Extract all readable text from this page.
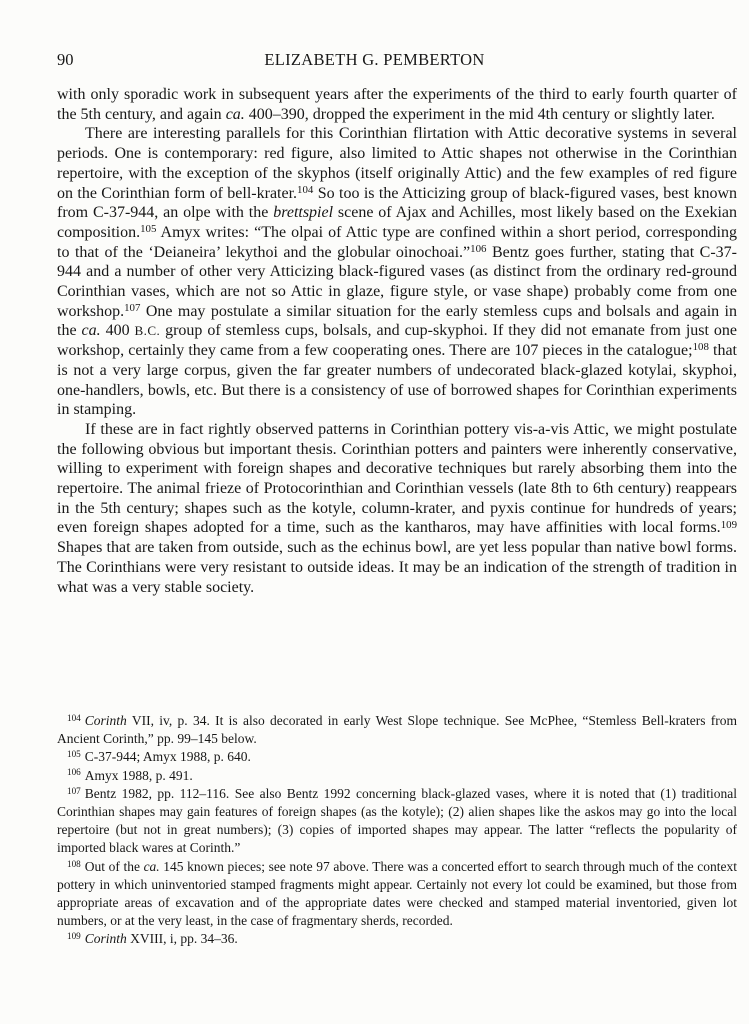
90	ELIZABETH G. PEMBERTON

with only sporadic work in subsequent years after the experiments of the third to early fourth quarter of the 5th century, and again ca. 400–390, dropped the experiment in the mid 4th century or slightly later.

There are interesting parallels for this Corinthian flirtation with Attic decorative systems in several periods. One is contemporary: red figure, also limited to Attic shapes not otherwise in the Corinthian repertoire, with the exception of the skyphos (itself originally Attic) and the few examples of red figure on the Corinthian form of bell-krater.$^{104}$ So too is the Atticizing group of black-figured vases, best known from C-37-944, an olpe with the brettspiel scene of Ajax and Achilles, most likely based on the Exekian composition.$^{105}$ Amyx writes: “The olpai of Attic type are confined within a short period, corresponding to that of the ‘Deianeira’ lekythoi and the globular oinochoai.”$^{106}$ Bentz goes further, stating that C-37-944 and a number of other very Atticizing black-figured vases (as distinct from the ordinary red-ground Corinthian vases, which are not so Attic in glaze, figure style, or vase shape) probably come from one workshop.$^{107}$ One may postulate a similar situation for the early stemless cups and bolsals and again in the ca. 400 B.C. group of stemless cups, bolsals, and cup-skyphoi. If they did not emanate from just one workshop, certainly they came from a few cooperating ones. There are 107 pieces in the catalogue;$^{108}$ that is not a very large corpus, given the far greater numbers of undecorated black-glazed kotylai, skyphoi, one-handlers, bowls, etc. But there is a consistency of use of borrowed shapes for Corinthian experiments in stamping.

If these are in fact rightly observed patterns in Corinthian pottery vis-a-vis Attic, we might postulate the following obvious but important thesis. Corinthian potters and painters were inherently conservative, willing to experiment with foreign shapes and decorative techniques but rarely absorbing them into the repertoire. The animal frieze of Protocorinthian and Corinthian vessels (late 8th to 6th century) reappears in the 5th century; shapes such as the kotyle, column-krater, and pyxis continue for hundreds of years; even foreign shapes adopted for a time, such as the kantharos, may have affinities with local forms.$^{109}$ Shapes that are taken from outside, such as the echinus bowl, are yet less popular than native bowl forms. The Corinthians were very resistant to outside ideas. It may be an indication of the strength of tradition in what was a very stable society.

$^{104}$ Corinth VII, iv, p. 34. It is also decorated in early West Slope technique. See McPhee, “Stemless Bell-kraters from Ancient Corinth,” pp. 99–145 below.

$^{105}$ C-37-944; Amyx 1988, p. 640.

$^{106}$ Amyx 1988, p. 491.

$^{107}$ Bentz 1982, pp. 112–116. See also Bentz 1992 concerning black-glazed vases, where it is noted that (1) traditional Corinthian shapes may gain features of foreign shapes (as the kotyle); (2) alien shapes like the askos may go into the local repertoire (but not in great numbers); (3) copies of imported shapes may appear. The latter “reflects the popularity of imported black wares at Corinth.”

$^{108}$ Out of the ca. 145 known pieces; see note 97 above. There was a concerted effort to search through much of the context pottery in which uninventoried stamped fragments might appear. Certainly not every lot could be examined, but those from appropriate areas of excavation and of the appropriate dates were checked and stamped material inventoried, given lot numbers, or at the very least, in the case of fragmentary sherds, recorded.

$^{109}$ Corinth XVIII, i, pp. 34–36.
